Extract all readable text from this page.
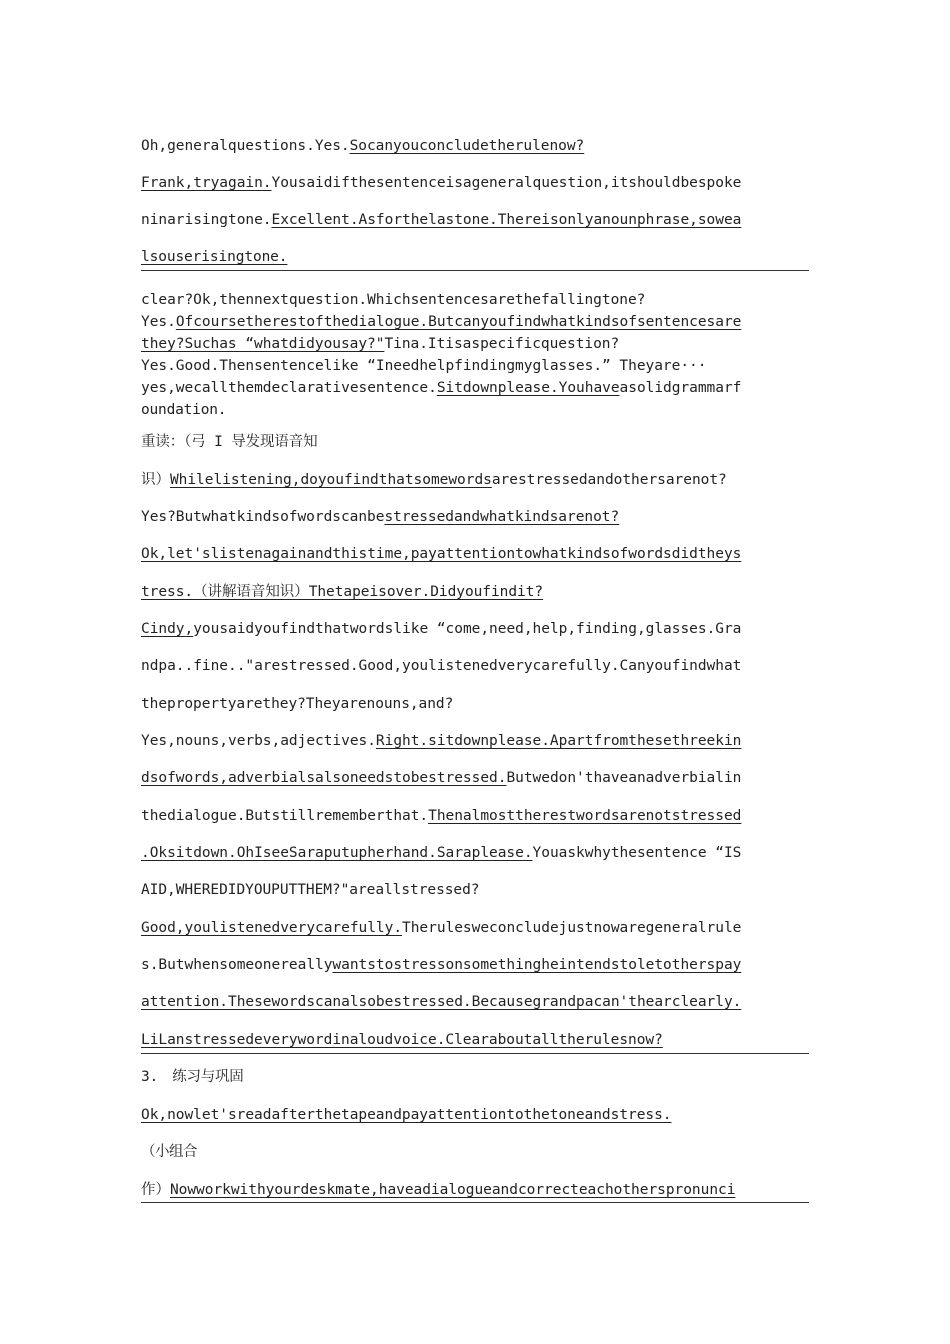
Oh,generalquestions.Yes.Socanyouconcludetherulenow?
Frank,tryagain.Yousaidifthesentenceisageneralquestion,itshouldbespoke
ninarisingtone.Excellent.Asforthelastone.Thereisonlyanounphrase,sowea
lsouserisingtone.
clear?Ok,thennextquestion.Whichsentencesarethefallingtone?
Yes.Ofcoursetherestofthedialogue.Butcanyoufindwhatkindsofsentencesare
they?Suchas “whatdidyousay?"Tina.Itisaspecificquestion?
Yes.Good.Thensentencelike “Ineedhelpfindingmyglasses.” Theyare···
yes,wecallthemdeclarativesentence.Sitdownplease.Youhaveasolidgrammarf
oundation.
重读：（弓 I 导发现语音知
识）Whilelistening,doyoufindthatsomewordsarestressedandothersarenot?
Yes?Butwhatkindsofwordscanbestressedandwhatkindsarenot?
Ok,let'slistenagainandthistime,payattentiontowhatkindsofwordsdidtheys
tress.（讲解语音知识）Thetapeisover.Didyoufindit?
Cindy,yousaidyoufindthatwordslike “come,need,help,finding,glasses.Gra
ndpa..fine.."arestressed.Good,youlistenedverycarefully.Canyoufindwhat
thepropertyarethey?Theyarenouns,and?
Yes,nouns,verbs,adjectives.Right.sitdownplease.Apartfromthesethreekin
dsofwords,adverbialsalsoneedstobestressed.Butwedon'thaveanadverbialin
thedialogue.Butstillrememberthat.Thenalmosttherestwordsarenotstressed
.Oksitdown.OhIseeSaraputupherhand.Saraplease.Youaskwhythesentence “IS
AID,WHEREDIDYOUPUTTHEM?"areallstressed?
Good,youlistenedverycarefully.Therulesweconcludejustnowaregeneralrule
s.Butwhensomeonereallywantstostressonsomethingheintendstoletotherspay
attention.Thesewordscanalsobestressed.Becausegrandpacan'thearclearly.
LiLanstressedeverywordinaloudvoice.Clearaboutalltherulesnow?
3.　练习与巩固
Ok,nowlet'sreadafterthetapeandpayattentiontothetoneandstress.
（小组合
作）Nowworkwithyourdeskmate,haveadialogueandcorrecteachotherspronunci
